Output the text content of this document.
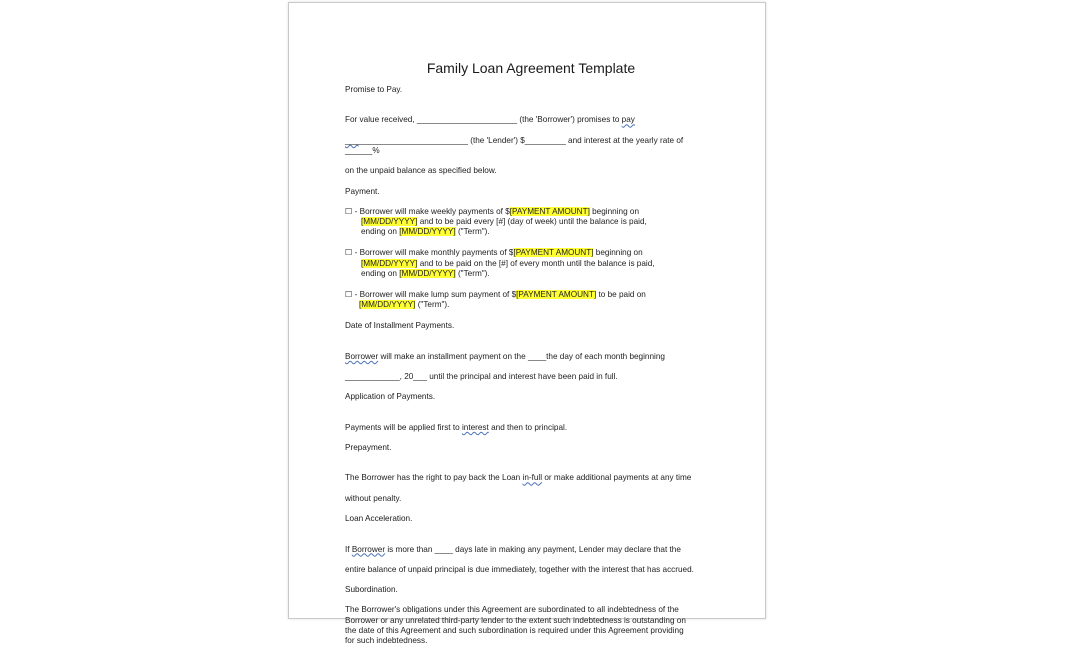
Family Loan Agreement Template
Promise to Pay.

For value received, ______________________ (the 'Borrower') promises to pay

___________________________ (the 'Lender') $_________ and interest at the yearly rate of ______%

on the unpaid balance as specified below.

Payment.
☐ - Borrower will make weekly payments of $[PAYMENT AMOUNT] beginning on
[MM/DD/YYYY] and to be paid every [#] (day of week) until the balance is paid,
ending on [MM/DD/YYYY] ("Term").
☐ - Borrower will make monthly payments of $[PAYMENT AMOUNT] beginning on
[MM/DD/YYYY] and to be paid on the [#] of every month until the balance is paid,
ending on [MM/DD/YYYY] ("Term").
☐ - Borrower will make lump sum payment of $[PAYMENT AMOUNT] to be paid on
[MM/DD/YYYY] ("Term").
Date of Installment Payments.

Borrower will make an installment payment on the ____the day of each month beginning

____________, 20___ until the principal and interest have been paid in full.

Application of Payments.

Payments will be applied first to interest and then to principal.

Prepayment.

The Borrower has the right to pay back the Loan in-full or make additional payments at any time

without penalty.

Loan Acceleration.

If Borrower is more than ____ days late in making any payment, Lender may declare that the

entire balance of unpaid principal is due immediately, together with the interest that has accrued.

Subordination.
The Borrower's obligations under this Agreement are subordinated to all indebtedness of the
Borrower or any unrelated third-party lender to the extent such indebtedness is outstanding on
the date of this Agreement and such subordination is required under this Agreement providing
for such indebtedness.
